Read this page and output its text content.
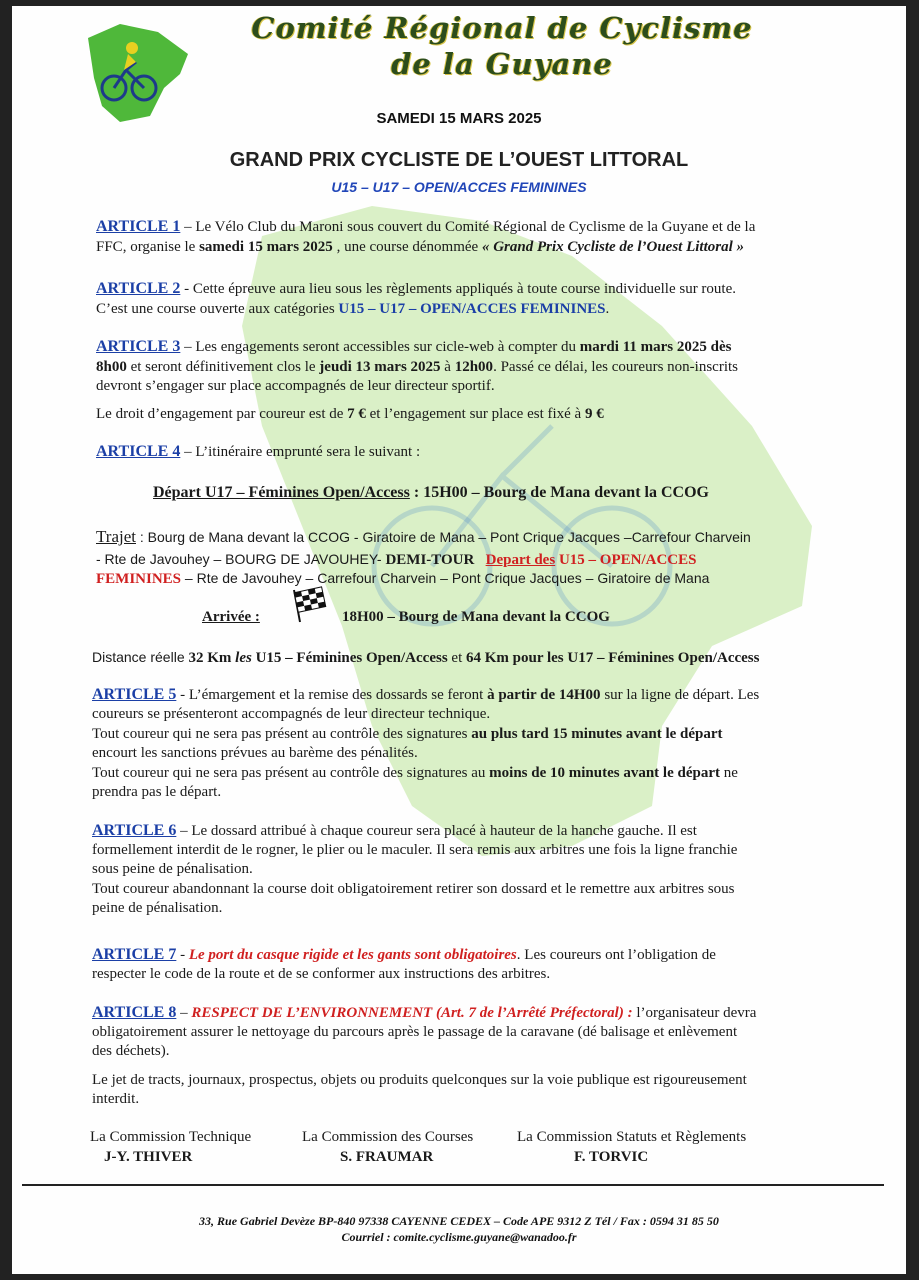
Comité Régional de Cyclisme
de la Guyane
SAMEDI 15 MARS 2025
GRAND PRIX CYCLISTE DE L’OUEST LITTORAL
U15 – U17 – OPEN/ACCES FEMININES
ARTICLE 1 – Le Vélo Club du Maroni sous couvert du Comité Régional de Cyclisme de la Guyane et de la
FFC, organise le samedi 15 mars 2025 , une course dénommée « Grand Prix Cycliste de l’Ouest Littoral »
ARTICLE 2 - Cette épreuve aura lieu sous les règlements appliqués à toute course individuelle sur route.
C’est une course ouverte aux catégories U15 – U17 – OPEN/ACCES FEMININES.
ARTICLE 3 – Les engagements seront accessibles sur cicle-web à compter du mardi 11 mars 2025 dès
8h00 et seront définitivement clos le jeudi 13 mars 2025 à 12h00. Passé ce délai, les coureurs non-inscrits
devront s’engager sur place accompagnés de leur directeur sportif.
Le droit d’engagement par coureur est de 7 € et l’engagement sur place est fixé à 9 €
ARTICLE 4 – L’itinéraire emprunté sera le suivant :
Départ U17 – Féminines Open/Access : 15H00 – Bourg de Mana devant la CCOG
Trajet : Bourg de Mana devant la CCOG - Giratoire de Mana – Pont Crique Jacques –Carrefour Charvein
- Rte de Javouhey – BOURG DE JAVOUHEY- DEMI-TOUR Depart des U15 – OPEN/ACCES
FEMININES – Rte de Javouhey – Carrefour Charvein – Pont Crique Jacques – Giratoire de Mana
Arrivée :	18H00 – Bourg de Mana devant la CCOG
Distance réelle 32 Km les U15 – Féminines Open/Access et 64 Km pour les U17 – Féminines Open/Access
ARTICLE 5 - L’émargement et la remise des dossards se feront à partir de 14H00 sur la ligne de départ. Les
coureurs se présenteront accompagnés de leur directeur technique.
Tout coureur qui ne sera pas présent au contrôle des signatures au plus tard 15 minutes avant le départ
encourt les sanctions prévues au barème des pénalités.
Tout coureur qui ne sera pas présent au contrôle des signatures au moins de 10 minutes avant le départ ne
prendra pas le départ.
ARTICLE 6 – Le dossard attribué à chaque coureur sera placé à hauteur de la hanche gauche. Il est
formellement interdit de le rogner, le plier ou le maculer. Il sera remis aux arbitres une fois la ligne franchie
sous peine de pénalisation.
Tout coureur abandonnant la course doit obligatoirement retirer son dossard et le remettre aux arbitres sous
peine de pénalisation.
ARTICLE 7 - Le port du casque rigide et les gants sont obligatoires. Les coureurs ont l’obligation de
respecter le code de la route et de se conformer aux instructions des arbitres.
ARTICLE 8 – RESPECT DE L’ENVIRONNEMENT (Art. 7 de l’Arrêté Préfectoral) : l’organisateur devra
obligatoirement assurer le nettoyage du parcours après le passage de la caravane (dé balisage et enlèvement
des déchets).
Le jet de tracts, journaux, prospectus, objets ou produits quelconques sur la voie publique est rigoureusement
interdit.
La Commission Technique
J-Y. THIVER
La Commission des Courses
S. FRAUMAR
La Commission Statuts et Règlements
F. TORVIC
33, Rue Gabriel Devèze BP-840 97338 CAYENNE CEDEX – Code APE 9312 Z Tél / Fax : 0594 31 85 50
Courriel : comite.cyclisme.guyane@wanadoo.fr
